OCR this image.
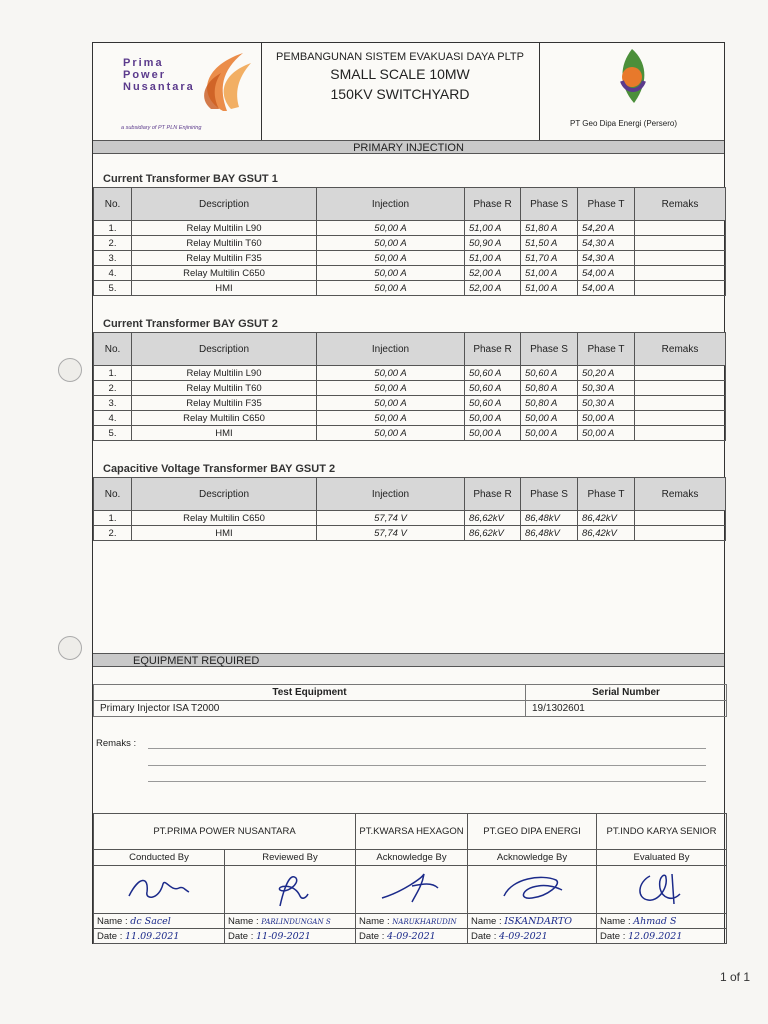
Prima
Power
Nusantara
a subsidiary of PT PLN Enjiniring
PEMBANGUNAN SISTEM EVAKUASI DAYA PLTP
SMALL SCALE 10MW
150KV SWITCHYARD
PT Geo Dipa Energi (Persero)
PRIMARY INJECTION
Current Transformer BAY GSUT 1
No.	Description	Injection	Phase R	Phase S	Phase T	Remaks
1.	Relay Multilin L90	50,00 A	51,00 A	51,80 A	54,20 A	
2.	Relay Multilin T60	50,00 A	50,90 A	51,50 A	54,30 A	
3.	Relay Multilin F35	50,00 A	51,00 A	51,70 A	54,30 A	
4.	Relay Multilin C650	50,00 A	52,00 A	51,00 A	54,00 A	
5.	HMI	50,00 A	52,00 A	51,00 A	54,00 A	
Current Transformer BAY GSUT 2
No.	Description	Injection	Phase R	Phase S	Phase T	Remaks
1.	Relay Multilin L90	50,00 A	50,60 A	50,60 A	50,20 A	
2.	Relay Multilin T60	50,00 A	50,60 A	50,80 A	50,30 A	
3.	Relay Multilin F35	50,00 A	50,60 A	50,80 A	50,30 A	
4.	Relay Multilin C650	50,00 A	50,00 A	50,00 A	50,00 A	
5.	HMI	50,00 A	50,00 A	50,00 A	50,00 A	
Capacitive Voltage Transformer BAY GSUT 2
No.	Description	Injection	Phase R	Phase S	Phase T	Remaks
1.	Relay Multilin C650	57,74 V	86,62kV	86,48kV	86,42kV	
2.	HMI	57,74 V	86,62kV	86,48kV	86,42kV	
EQUIPMENT REQUIRED
Test Equipment	Serial Number
Primary Injector ISA T2000	19/1302601
Remaks :
PT.PRIMA POWER NUSANTARA		PT.KWARSA HEXAGON	PT.GEO DIPA ENERGI	PT.INDO KARYA SENIOR
Conducted By	Reviewed By	Acknowledge By	Acknowledge By	Evaluated By

Name : dc Sacel	Name : PARLINDUNGAN S	Name : NARUKHARUDIN	Name : ISKANDARTO	Name : Ahmad S
Date : 11.09.2021	Date : 11-09-2021	Date : 4-09-2021	Date : 4-09-2021	Date : 12.09.2021
1 of 1
